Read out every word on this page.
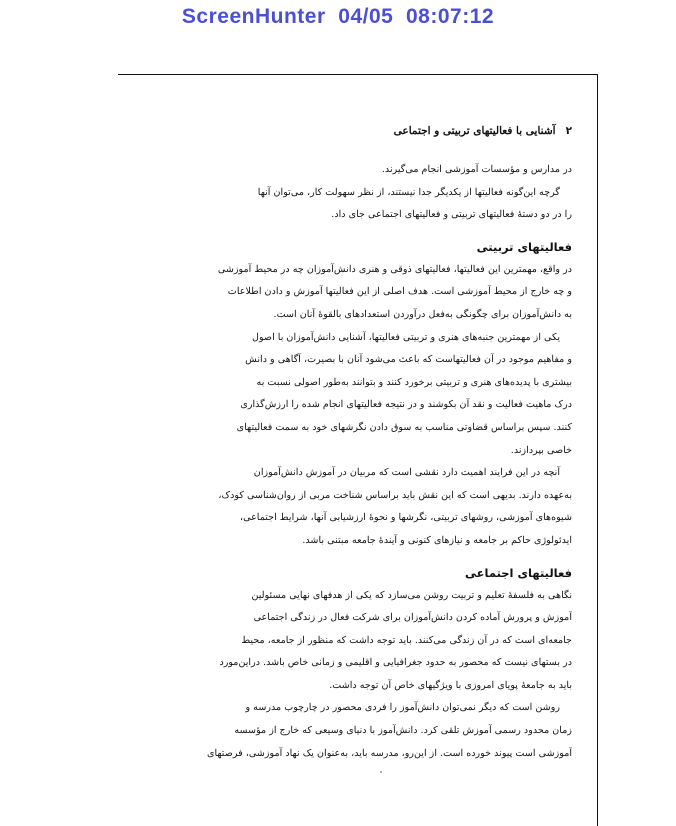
ScreenHunter  04/05  08:07:12
۲
آشنایی با فعالیتهای تربیتی و اجتماعی
در مدارس و مؤسسات آموزشی انجام می‌گیرند.
گرچه این‌گونه فعالیتها از یکدیگر جدا نیستند، از نظر سهولت کار، می‌توان آنها
را در دو دستهٔ فعالیتهای تربیتی و فعالیتهای اجتماعی جای داد.
فعالیتهای تربیتی
در واقع، مهمترین این فعالیتها، فعالیتهای ذوقی و هنری دانش‌آموزان چه در محیط آموزشی
و چه خارج از محیط آموزشی است. هدف اصلی از این فعالیتها آموزش و دادن اطلاعات
به دانش‌آموزان برای چگونگی به‌فعل درآوردن استعدادهای بالقوهٔ آنان است.
یکی از مهمترین جنبه‌های هنری و تربیتی فعالیتها، آشنایی دانش‌آموزان با اصول
و مفاهیم موجود در آن فعالیتهاست که باعث می‌شود آنان با بصیرت، آگاهی و دانش
بیشتری با پدیده‌های هنری و تربیتی برخورد کنند و بتوانند به‌طور اصولی نسبت به
درک ماهیت فعالیت و نقد آن بکوشند و در نتیجه فعالیتهای انجام شده را ارزش‌گذاری
کنند. سپس براساس قضاوتی مناسب به سوق دادن نگرشهای خود به سمت فعالیتهای
خاصی بپردازند.
آنچه در این فرایند اهمیت دارد نقشی است که مربیان در آموزش دانش‌آموزان
به‌عهده دارند. بدیهی است که این نقش باید براساس شناخت مربی از روان‌شناسی کودک،
شیوه‌های آموزشی، روشهای تربیتی، نگرشها و نحوهٔ ارزشیابی آنها، شرایط اجتماعی،
ایدئولوژی حاکم بر جامعه و نیازهای کنونی و آیندهٔ جامعه مبتنی باشد.
فعالیتهای اجتماعی
نگاهی به فلسفهٔ تعلیم و تربیت روشن می‌سازد که یکی از هدفهای نهایی مسئولین
آموزش و پرورش آماده کردن دانش‌آموزان برای شرکت فعال در زندگی اجتماعی
جامعه‌ای است که در آن زندگی می‌کنند. باید توجه داشت که منظور از جامعه، محیط
در بستهای نیست که محصور به حدود جغرافیایی و اقلیمی و زمانی خاص باشد. دراین‌مورد
باید به جامعهٔ پویای امروزی با ویژگیهای خاص آن توجه داشت.
روشن است که دیگر نمی‌توان دانش‌آموز را فردی محصور در چارچوب مدرسه و
زمان محدود رسمی آموزش تلقی کرد. دانش‌آموز با دنیای وسیعی که خارج از مؤسسه
آموزشی است پیوند خورده است. از این‌رو، مدرسه باید، به‌عنوان یک نهاد آموزشی، فرصتهای
